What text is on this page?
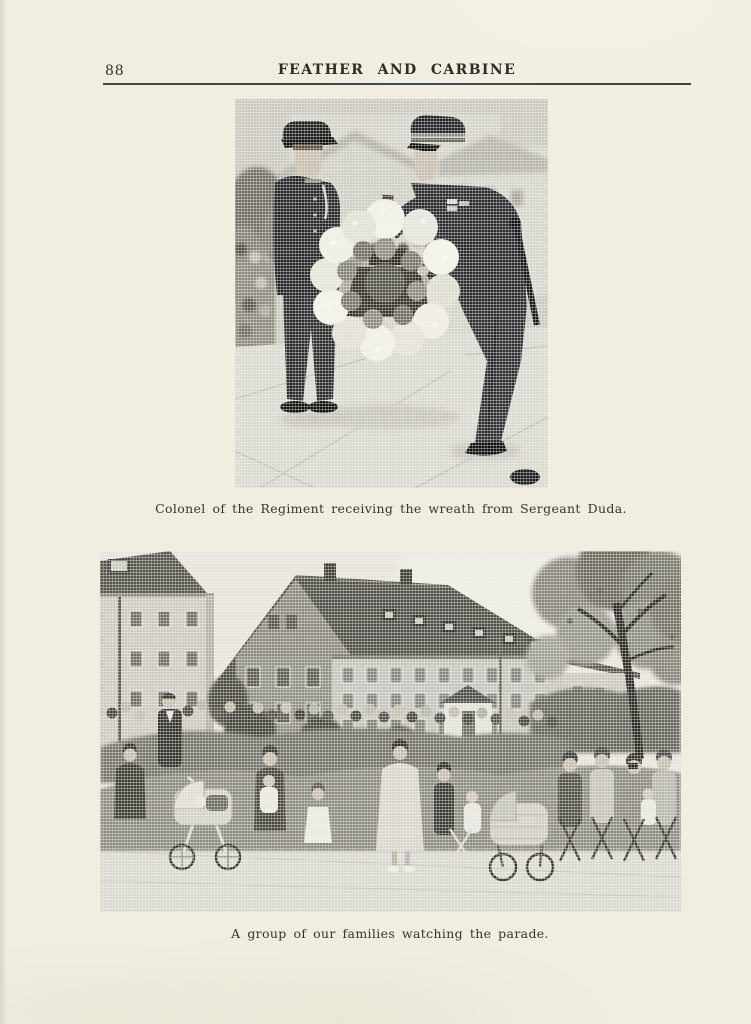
88	FEATHER AND CARBINE
Colonel of the Regiment receiving the wreath from Sergeant Duda.
A group of our families watching the parade.
